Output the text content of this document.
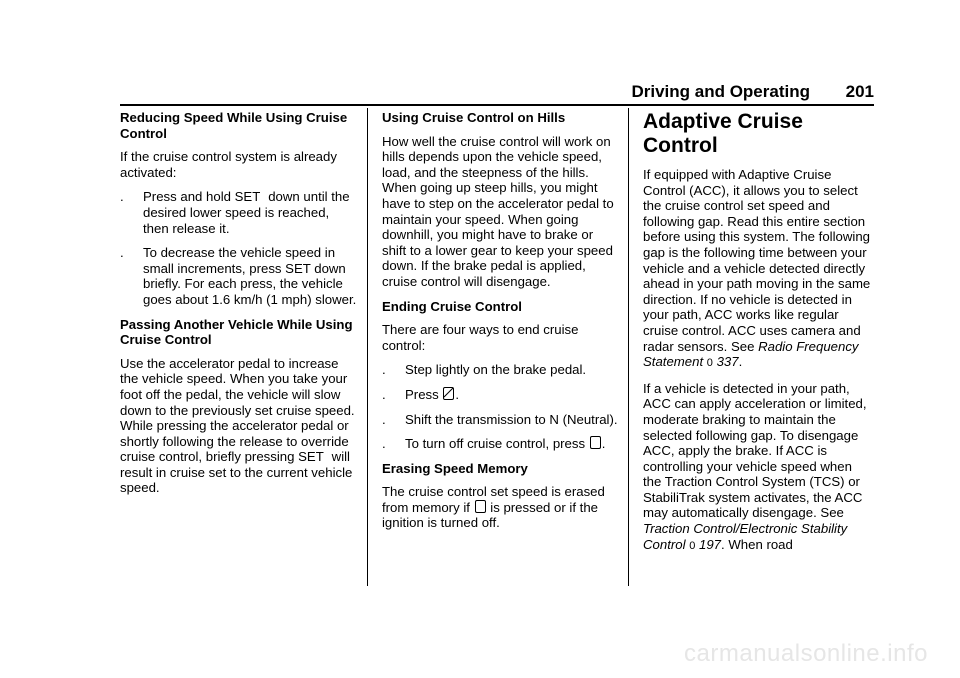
Driving and Operating 201

Reducing Speed While Using Cruise Control

If the cruise control system is already activated:

. Press and hold SET   down until the desired lower speed is reached, then release it.
. To decrease the vehicle speed in small increments, press SET down briefly. For each press, the vehicle goes about 1.6 km/h (1 mph) slower.

Passing Another Vehicle While Using Cruise Control

Use the accelerator pedal to increase the vehicle speed. When you take your foot off the pedal, the vehicle will slow down to the previously set cruise speed. While pressing the accelerator pedal or shortly following the release to override cruise control, briefly pressing SET   will result in cruise set to the current vehicle speed.

Using Cruise Control on Hills

How well the cruise control will work on hills depends upon the vehicle speed, load, and the steepness of the hills. When going up steep hills, you might have to step on the accelerator pedal to maintain your speed. When going downhill, you might have to brake or shift to a lower gear to keep your speed down. If the brake pedal is applied, cruise control will disengage.

Ending Cruise Control

There are four ways to end cruise control:

. Step lightly on the brake pedal.
. Press .
. Shift the transmission to N (Neutral).
. To turn off cruise control, press .

Erasing Speed Memory

The cruise control set speed is erased from memory if is pressed or if the ignition is turned off.

Adaptive Cruise Control

If equipped with Adaptive Cruise Control (ACC), it allows you to select the cruise control set speed and following gap. Read this entire section before using this system. The following gap is the following time between your vehicle and a vehicle detected directly ahead in your path moving in the same direction. If no vehicle is detected in your path, ACC works like regular cruise control. ACC uses camera and radar sensors. See Radio Frequency Statement 0 337.

If a vehicle is detected in your path, ACC can apply acceleration or limited, moderate braking to maintain the selected following gap. To disengage ACC, apply the brake. If ACC is controlling your vehicle speed when the Traction Control System (TCS) or StabiliTrak system activates, the ACC may automatically disengage. See Traction Control/Electronic Stability Control 0 197. When road

carmanualsonline.info
